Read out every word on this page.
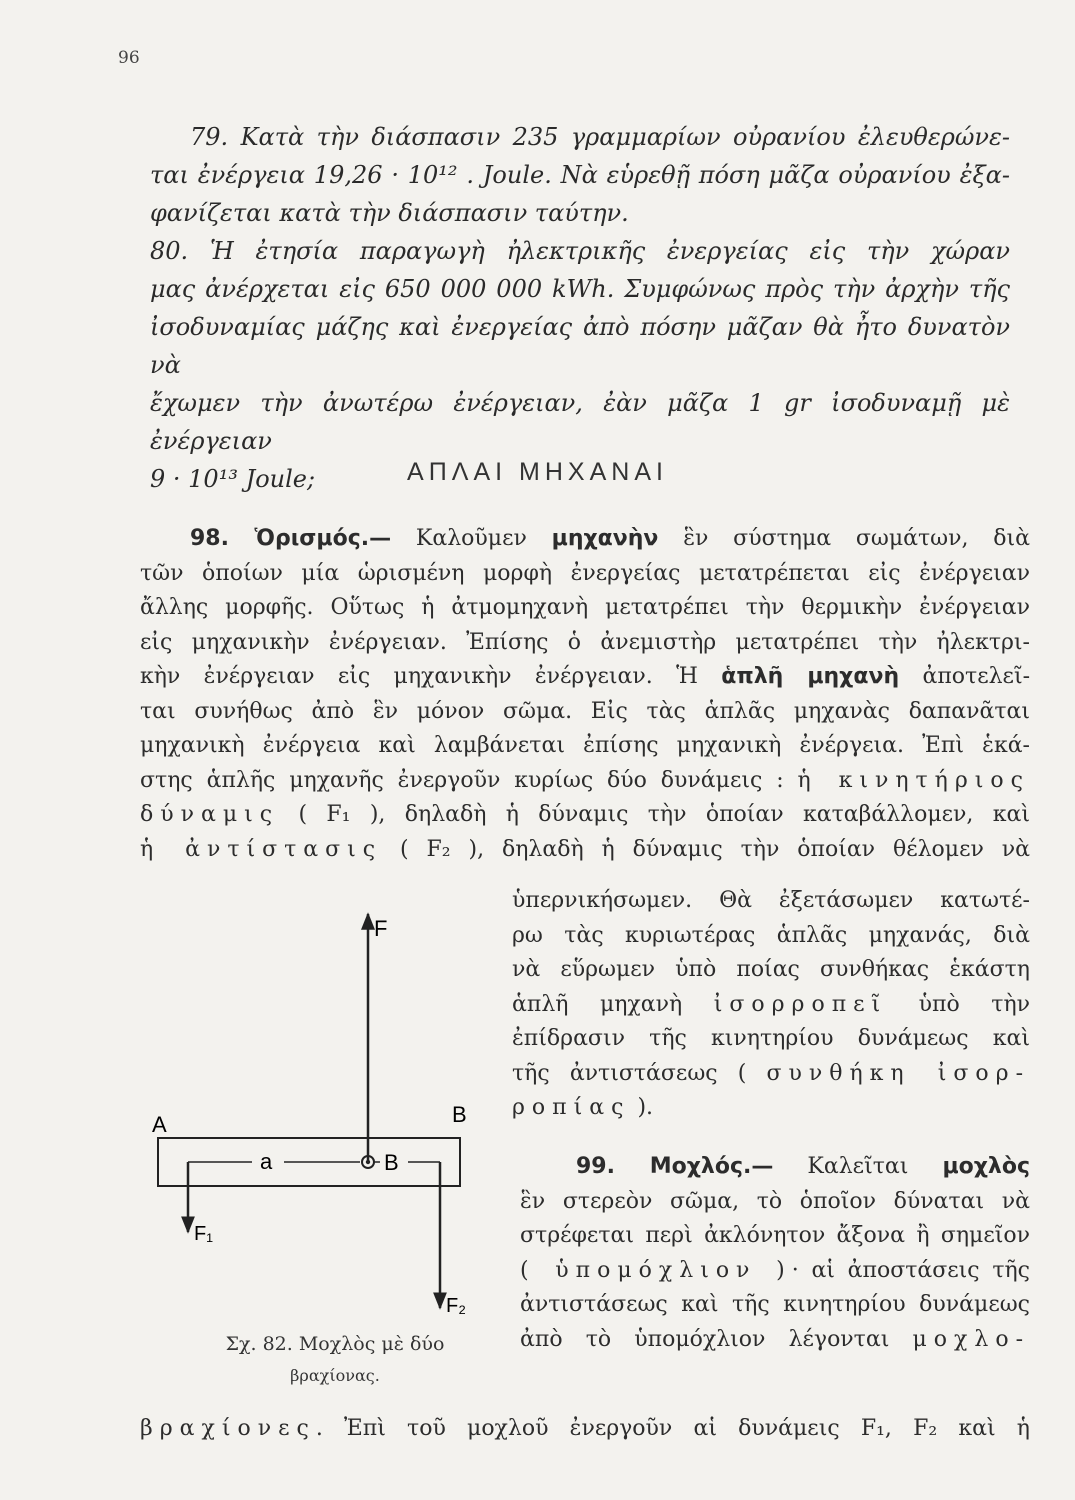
96

79. Κατὰ τὴν διάσπασιν 235 γραμμαρίων οὐρανίου ἐλευθερώνε-

ται ἐνέργεια 19,26 · 10¹² . Joule. Νὰ εὑρεθῇ πόση μᾶζα οὐρανίου ἐξα-
φανίζεται κατὰ τὴν διάσπασιν ταύτην.
80. Ἡ ἐτησία παραγωγὴ ἠλεκτρικῆς ἐνεργείας εἰς τὴν χώραν
μας ἀνέρχεται εἰς 650 000 000 kWh. Συμφώνως πρὸς τὴν ἀρχὴν τῆς
ἰσοδυναμίας μάζης καὶ ἐνεργείας ἀπὸ πόσην μᾶζαν θὰ ἦτο δυνατὸν νὰ
ἔχωμεν τὴν ἀνωτέρω ἐνέργειαν, ἐὰν μᾶζα 1 gr ἰσοδυναμῇ μὲ ἐνέργειαν
9 · 10¹³ Joule;	ΑΠΛΑΙ ΜΗΧΑΝΑΙ
98. Ὁρισμός.— Καλοῦμεν μηχανὴν ἓν σύστημα σωμάτων, διὰ
τῶν ὁποίων μία ὡρισμένη μορφὴ ἐνεργείας μετατρέπεται εἰς ἐνέργειαν
ἄλλης μορφῆς. Οὕτως ἡ ἀτμομηχανὴ μετατρέπει τὴν θερμικὴν ἐνέργειαν
εἰς μηχανικὴν ἐνέργειαν. Ἐπίσης ὁ ἀνεμιστὴρ μετατρέπει τὴν ἠλεκτρι-
κὴν ἐνέργειαν εἰς μηχανικὴν ἐνέργειαν. Ἡ ἁπλῆ μηχανὴ ἀποτελεῖ-
ται συνήθως ἀπὸ ἓν μόνον σῶμα. Εἰς τὰς ἁπλᾶς μηχανὰς δαπανᾶται
μηχανικὴ ἐνέργεια καὶ λαμβάνεται ἐπίσης μηχανικὴ ἐνέργεια. Ἐπὶ ἑκά-
στης ἁπλῆς μηχανῆς ἐνεργοῦν κυρίως δύο δυνάμεις : ἡ κινητήριος
δύναμις ( F₁ ), δηλαδὴ ἡ δύναμις τὴν ὁποίαν καταβάλλομεν, καὶ
ἡ ἀντίστασις ( F₂ ), δηλαδὴ ἡ δύναμις τὴν ὁποίαν θέλομεν νὰ
ὑπερνικήσωμεν. Θὰ ἐξετάσωμεν κατωτέ-
ρω τὰς κυριωτέρας ἁπλᾶς μηχανάς, διὰ
νὰ εὕρωμεν ὑπὸ ποίας συνθήκας ἑκάστη
ἁπλῆ μηχανὴ ἰσορροπεῖ ὑπὸ τὴν
ἐπίδρασιν τῆς κινητηρίου δυνάμεως καὶ
τῆς ἀντιστάσεως ( συνθήκη ἰσορ-
ροπίας ).
99. Μοχλός.— Καλεῖται μοχλὸς
ἓν στερεὸν σῶμα, τὸ ὁποῖον δύναται νὰ
στρέφεται περὶ ἀκλόνητον ἄξονα ἢ σημεῖον
( ὑπομόχλιον )· αἱ ἀποστάσεις τῆς
ἀντιστάσεως καὶ τῆς κινητηρίου δυνάμεως
ἀπὸ τὸ ὑπομόχλιον λέγονται μοχλο-
βραχίονες. Ἐπὶ τοῦ μοχλοῦ ἐνεργοῦν αἱ δυνάμεις F₁, F₂ καὶ ἡ
A	B
F
a	B
F₁
F₂
Σχ. 82. Μοχλὸς μὲ δύο
βραχίονας.
